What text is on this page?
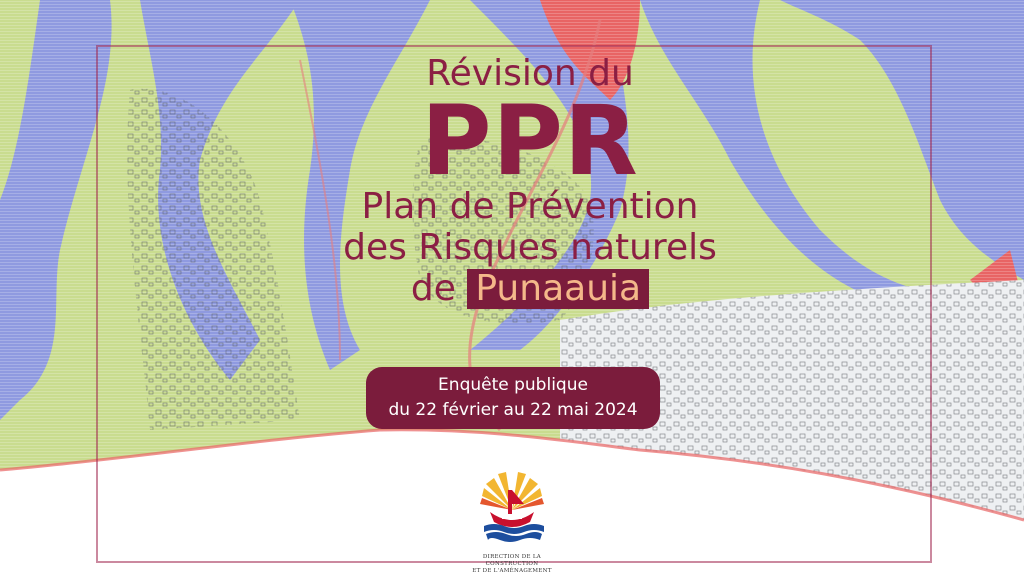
Révision du
PPR
Plan de Prévention
des Risques naturels
de Punaauia
Enquête publique
du 22 février au 22 mai 2024
DIRECTION DE LA CONSTRUCTION
ET DE L'AMÉNAGEMENT
